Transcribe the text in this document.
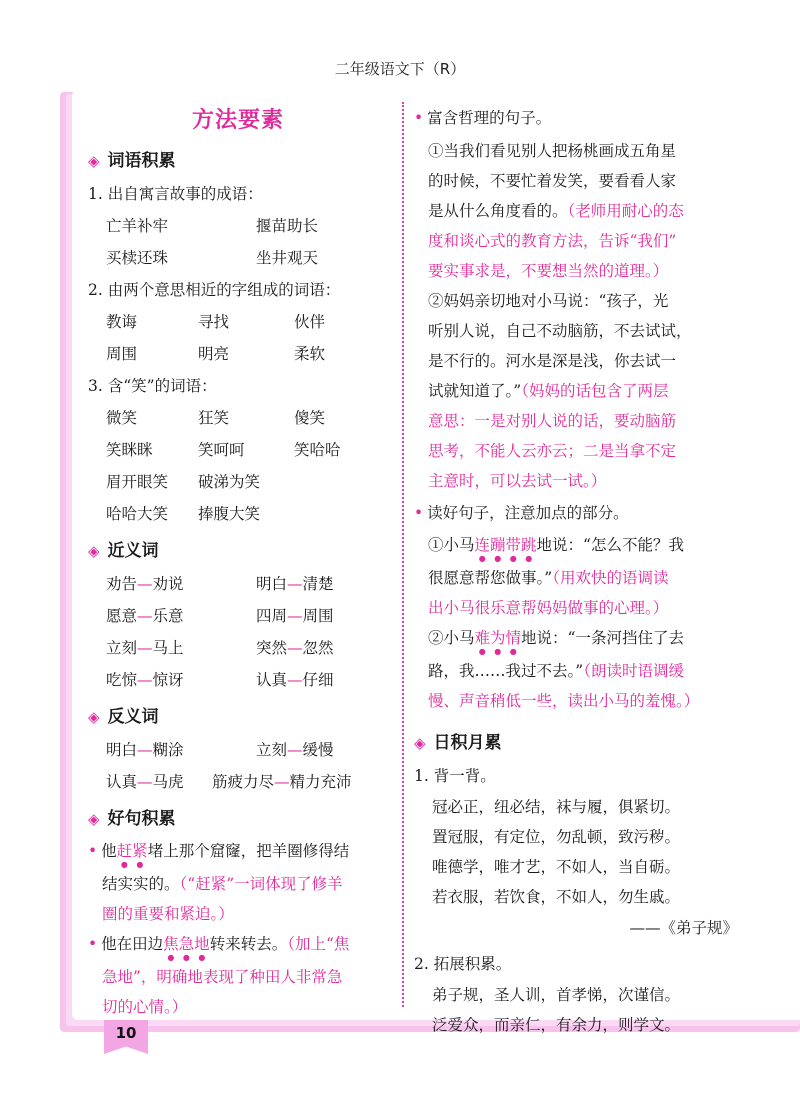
二年级语文下（R）
方法要素
◈ 词语积累
1. 出自寓言故事的成语：
亡羊补牢	揠苗助长
买椟还珠	坐井观天
2. 由两个意思相近的字组成的词语：
教诲	寻找	伙伴
周围	明亮	柔软
3. 含“笑”的词语：
微笑	狂笑	傻笑
笑眯眯	笑呵呵	笑哈哈
眉开眼笑	破涕为笑
哈哈大笑	捧腹大笑
◈ 近义词
劝告—劝说	明白—清楚
愿意—乐意	四周—周围
立刻—马上	突然—忽然
吃惊—惊讶	认真—仔细
◈ 反义词
明白—糊涂	立刻—缓慢
认真—马虎	筋疲力尽—精力充沛
◈ 好句积累
• 他赶紧堵上那个窟窿，把羊圈修得结
结实实的。（“赶紧”一词体现了修羊
圈的重要和紧迫。）
• 他在田边焦急地转来转去。（加上“焦
急地”，明确地表现了种田人非常急
切的心情。）
• 富含哲理的句子。
①当我们看见别人把杨桃画成五角星
的时候，不要忙着发笑，要看看人家
是从什么角度看的。（老师用耐心的态
度和谈心式的教育方法，告诉“我们”
要实事求是，不要想当然的道理。）
②妈妈亲切地对小马说：“孩子，光
听别人说，自己不动脑筋，不去试试，
是不行的。河水是深是浅，你去试一
试就知道了。”（妈妈的话包含了两层
意思：一是对别人说的话，要动脑筋
思考，不能人云亦云；二是当拿不定
主意时，可以去试一试。）
• 读好句子，注意加点的部分。
①小马连蹦带跳地说：“怎么不能？我
很愿意帮您做事。”（用欢快的语调读
出小马很乐意帮妈妈做事的心理。）
②小马难为情地说：“一条河挡住了去
路，我……我过不去。”（朗读时语调缓
慢、声音稍低一些，读出小马的羞愧。）
◈ 日积月累
1. 背一背。
冠必正，纽必结，袜与履，俱紧切。
置冠服，有定位，勿乱顿，致污秽。
唯德学，唯才艺，不如人，当自砺。
若衣服，若饮食，不如人，勿生戚。
——《弟子规》
2. 拓展积累。
弟子规，圣人训，首孝悌，次谨信。
泛爱众，而亲仁，有余力，则学文。
10
